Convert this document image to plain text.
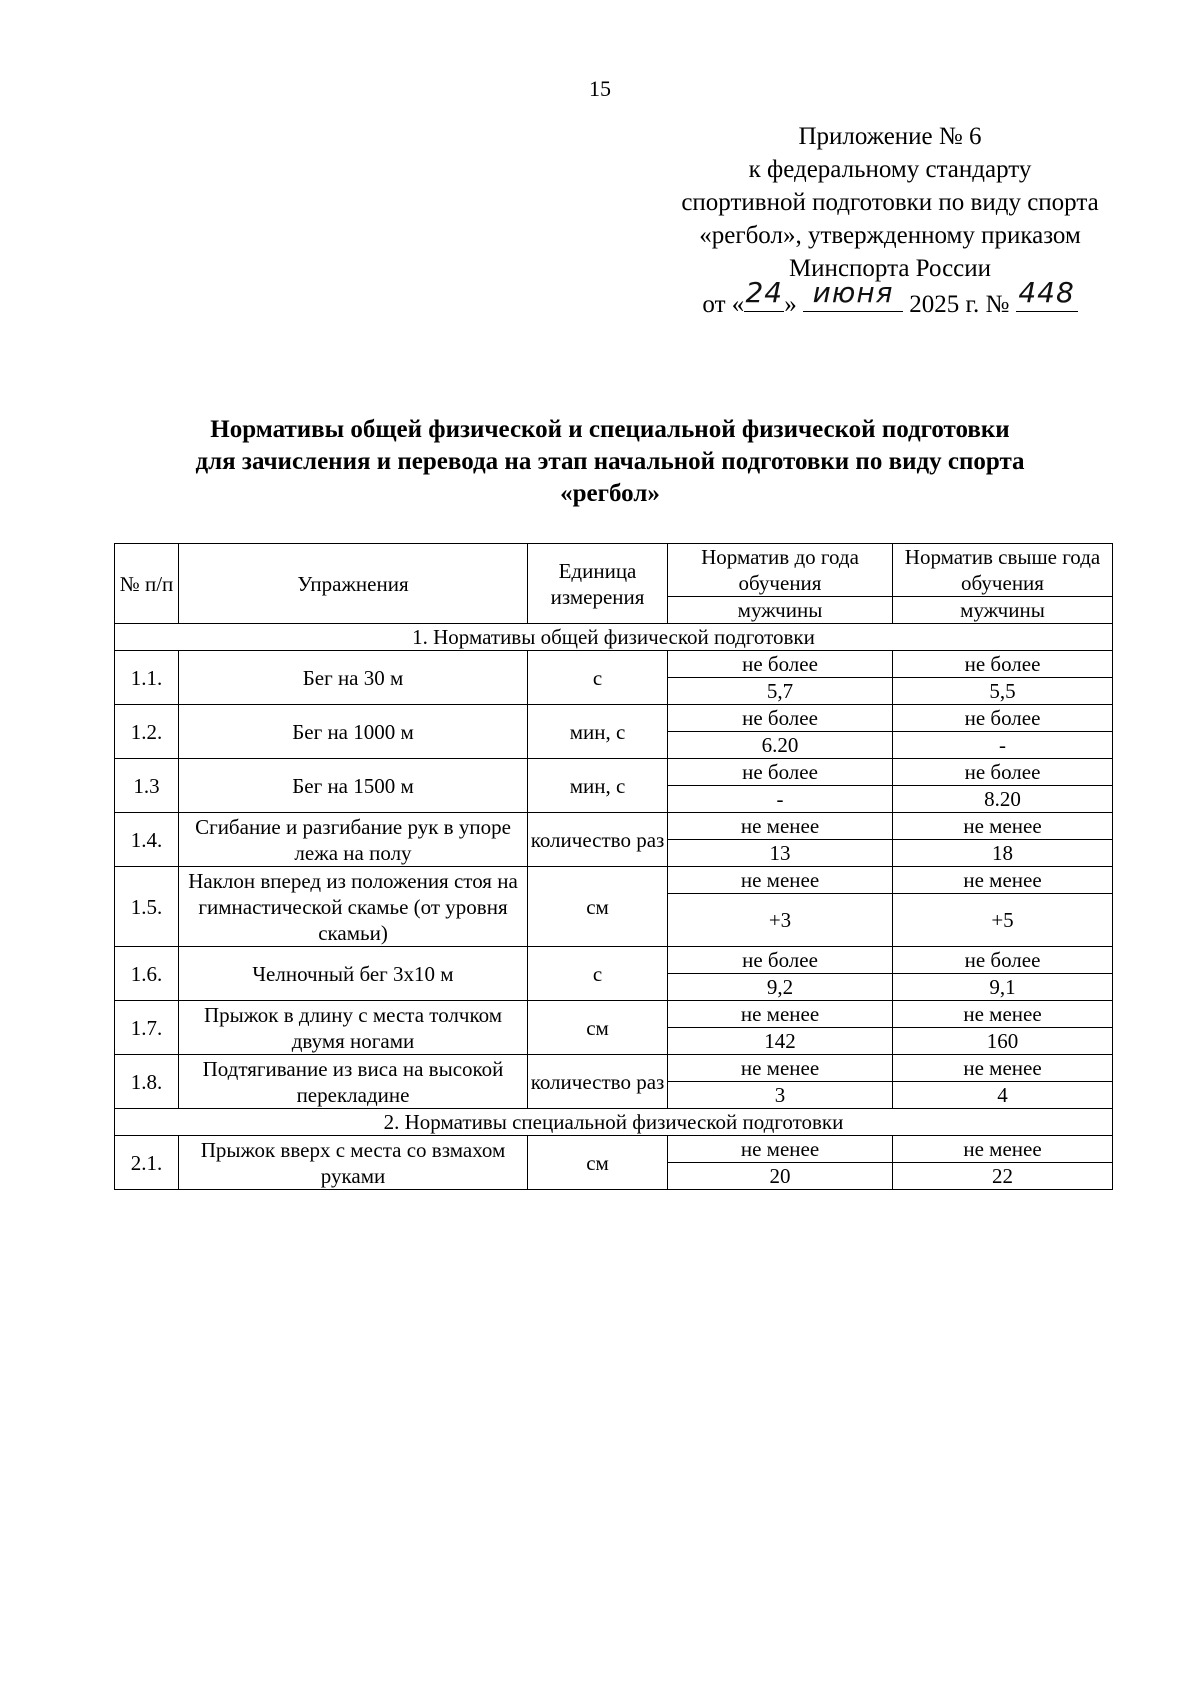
15
Приложение № 6
к федеральному стандарту
спортивной подготовки по виду спорта
«регбол», утвержденному приказом
Минспорта России
от « 24 » июня 2025 г. № 448
Нормативы общей физической и специальной физической подготовки
для зачисления и перевода на этап начальной подготовки по виду спорта
«регбол»
№ п/п	Упражнения	Единица измерения	Норматив до года обучения	Норматив свыше года обучения
			мужчины	мужчины
1. Нормативы общей физической подготовки				
1.1.	Бег на 30 м	с	не более	не более
			5,7	5,5
1.2.	Бег на 1000 м	мин, с	не более	не более
			6.20	-
1.3	Бег на 1500 м	мин, с	не более	не более
			-	8.20
1.4.	Сгибание и разгибание рук в упоре лежа на полу	количество раз	не менее	не менее
			13	18
1.5.	Наклон вперед из положения стоя на гимнастической скамье (от уровня скамьи)	см	не менее	не менее
			+3	+5
1.6.	Челночный бег 3х10 м	с	не более	не более
			9,2	9,1
1.7.	Прыжок в длину с места толчком двумя ногами	см	не менее	не менее
			142	160
1.8.	Подтягивание из виса на высокой перекладине	количество раз	не менее	не менее
			3	4
2. Нормативы специальной физической подготовки				
2.1.	Прыжок вверх с места со взмахом руками	см	не менее	не менее
			20	22
